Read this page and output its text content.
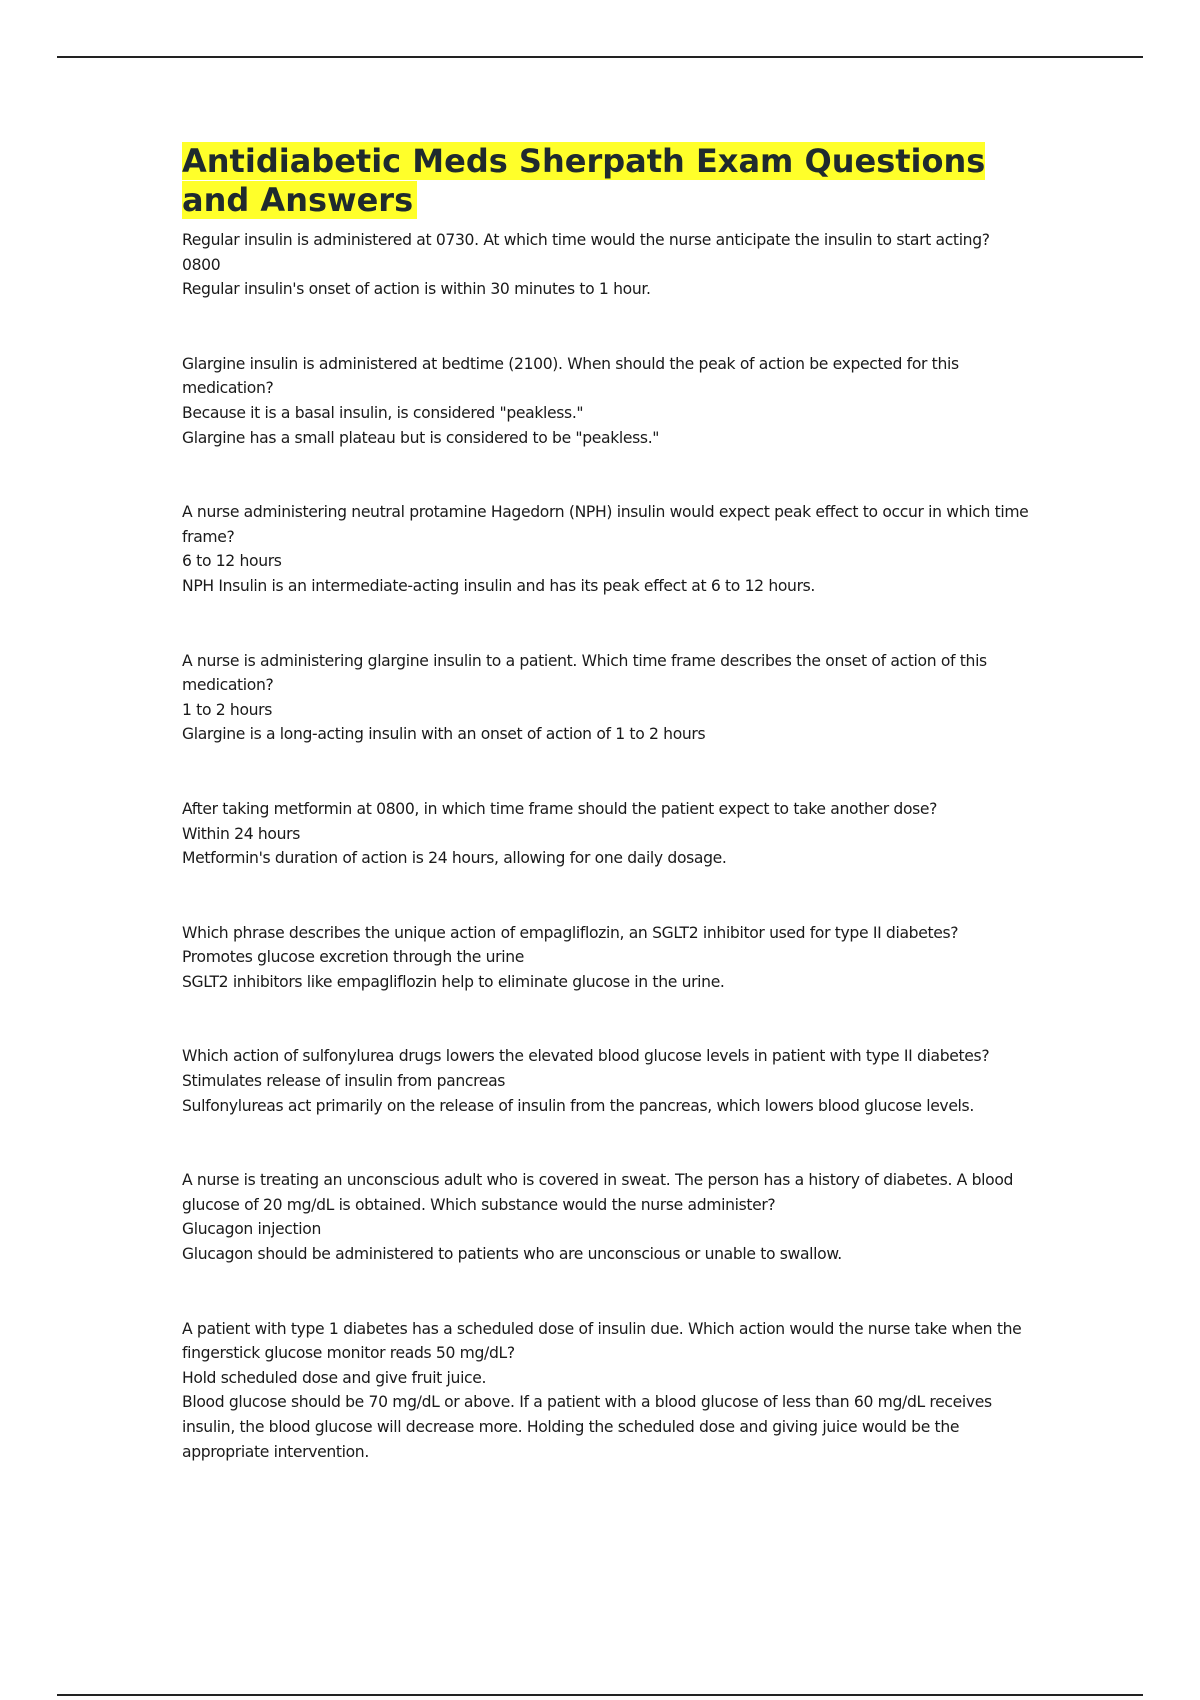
Antidiabetic Meds Sherpath Exam Questions and Answers

Regular insulin is administered at 0730. At which time would the nurse anticipate the insulin to start acting?

0800

Regular insulin's onset of action is within 30 minutes to 1 hour.

Glargine insulin is administered at bedtime (2100). When should the peak of action be expected for this medication?

Because it is a basal insulin, is considered "peakless."

Glargine has a small plateau but is considered to be "peakless."

A nurse administering neutral protamine Hagedorn (NPH) insulin would expect peak effect to occur in which time frame?

6 to 12 hours

NPH Insulin is an intermediate-acting insulin and has its peak effect at 6 to 12 hours.

A nurse is administering glargine insulin to a patient. Which time frame describes the onset of action of this medication?

1 to 2 hours

Glargine is a long-acting insulin with an onset of action of 1 to 2 hours

After taking metformin at 0800, in which time frame should the patient expect to take another dose?

Within 24 hours

Metformin's duration of action is 24 hours, allowing for one daily dosage.

Which phrase describes the unique action of empagliflozin, an SGLT2 inhibitor used for type II diabetes?

Promotes glucose excretion through the urine

SGLT2 inhibitors like empagliflozin help to eliminate glucose in the urine.

Which action of sulfonylurea drugs lowers the elevated blood glucose levels in patient with type II diabetes?

Stimulates release of insulin from pancreas

Sulfonylureas act primarily on the release of insulin from the pancreas, which lowers blood glucose levels.

A nurse is treating an unconscious adult who is covered in sweat. The person has a history of diabetes. A blood glucose of 20 mg/dL is obtained. Which substance would the nurse administer?

Glucagon injection

Glucagon should be administered to patients who are unconscious or unable to swallow.

A patient with type 1 diabetes has a scheduled dose of insulin due. Which action would the nurse take when the fingerstick glucose monitor reads 50 mg/dL?

Hold scheduled dose and give fruit juice.

Blood glucose should be 70 mg/dL or above. If a patient with a blood glucose of less than 60 mg/dL receives insulin, the blood glucose will decrease more. Holding the scheduled dose and giving juice would be the appropriate intervention.
